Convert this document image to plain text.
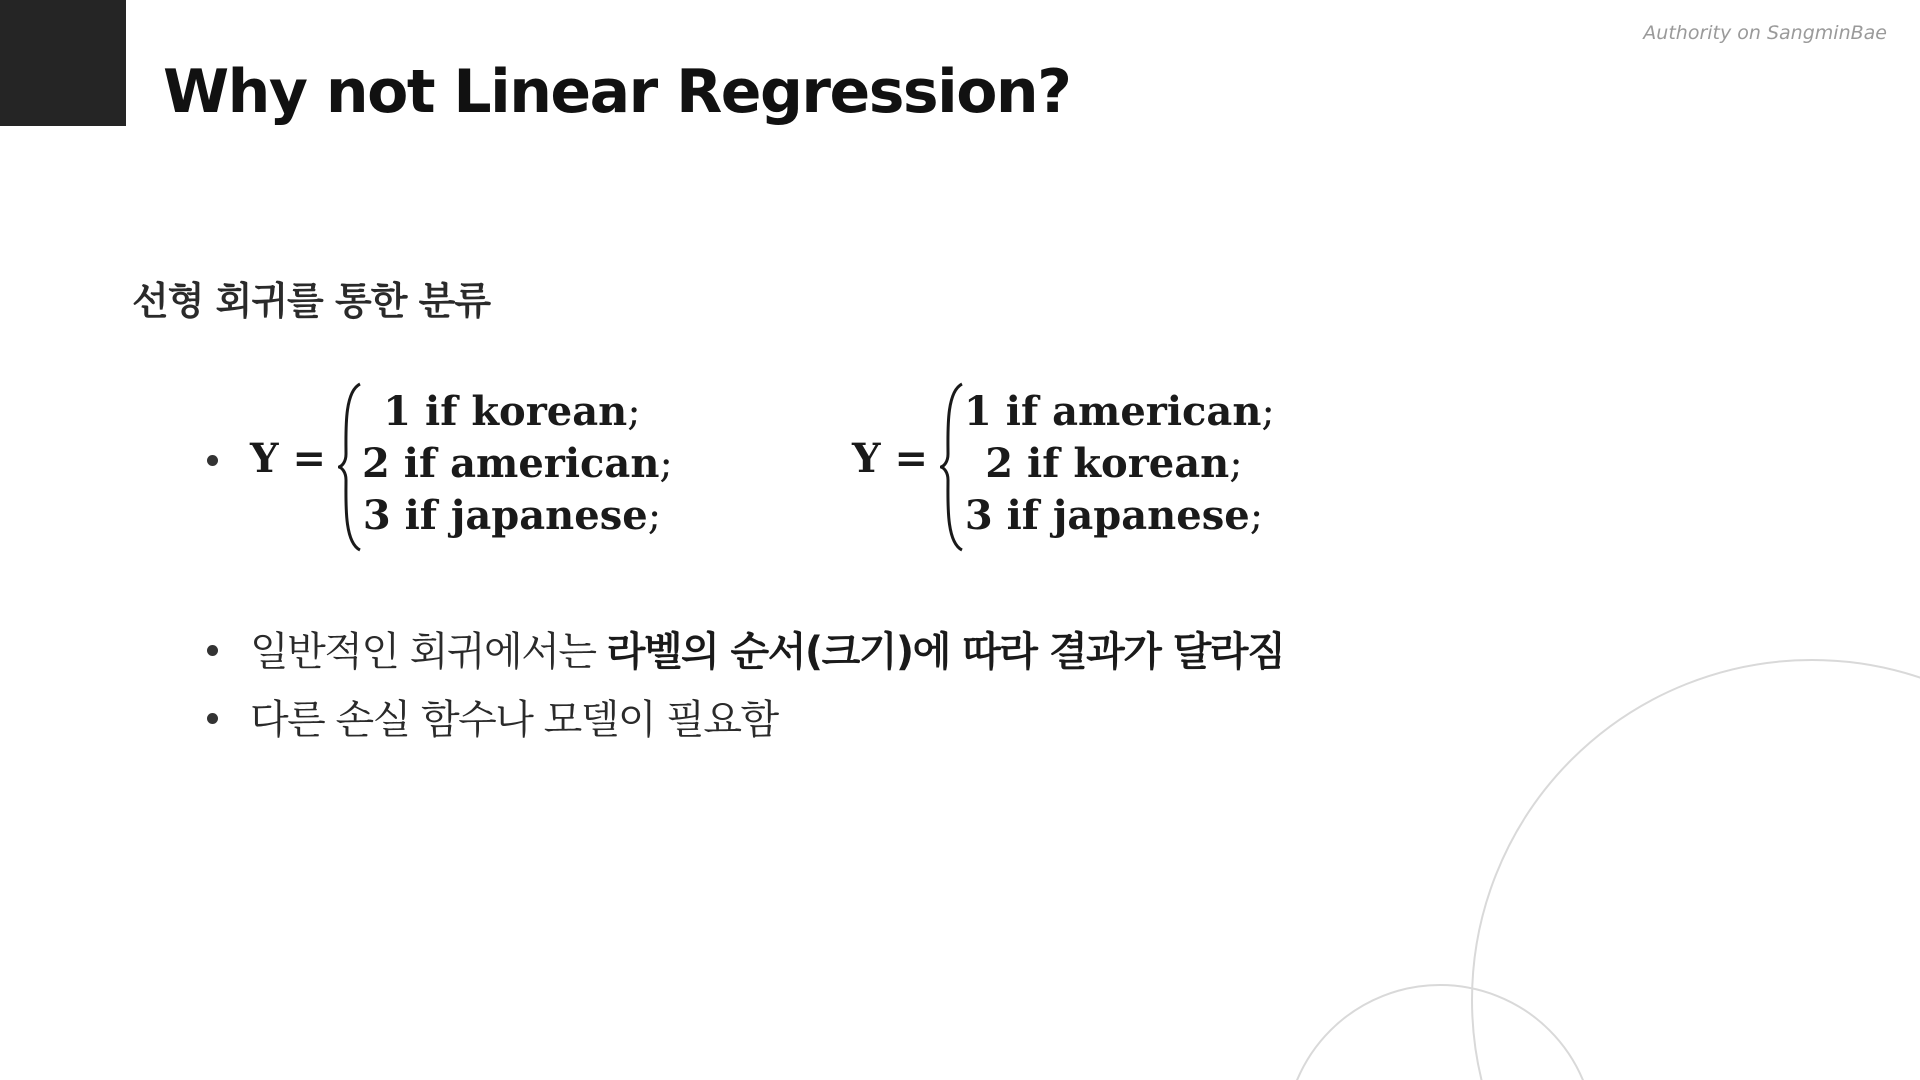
Why not Linear Regression?
Authority on SangminBae
선형 회귀를 통한 분류
Y =
1 if korean;
2 if american;
3 if japanese;
Y =
1 if american;
2 if korean;
3 if japanese;
일반적인 회귀에서는 라벨의 순서(크기)에 따라 결과가 달라짐
다른 손실 함수나 모델이 필요함
